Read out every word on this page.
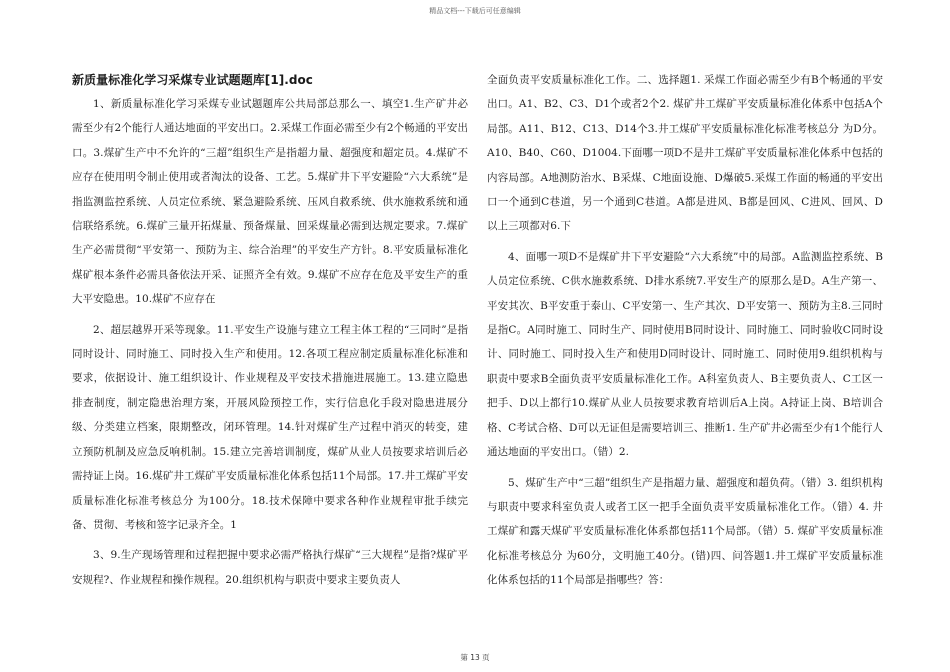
精品文档---下载后可任意编辑
新质量标准化学习采煤专业试题题库[1].doc

1、新质量标准化学习采煤专业试题题库公共局部总那么一、填空1.生产矿井必需至少有2个能行人通达地面的平安出口。2.采煤工作面必需至少有2个畅通的平安出口。3.煤矿生产中不允许的“三超”组织生产是指超力量、超强度和超定员。4.煤矿不应存在使用明令制止使用或者淘汰的设备、工艺。5.煤矿井下平安避险“六大系统”是指监测监控系统、人员定位系统、紧急避险系统、压风自救系统、供水施救系统和通信联络系统。6.煤矿三量开拓煤量、预备煤量、回采煤量必需到达规定要求。7.煤矿生产必需贯彻“平安第一、预防为主、综合治理”的平安生产方针。8.平安质量标准化煤矿根本条件必需具备依法开采、证照齐全有效。9.煤矿不应存在危及平安生产的重大平安隐患。10.煤矿不应存在

2、超层越界开采等现象。11.平安生产设施与建立工程主体工程的“三同时”是指同时设计、同时施工、同时投入生产和使用。12.各项工程应制定质量标准化标准和要求，依据设计、施工组织设计、作业规程及平安技术措施进展施工。13.建立隐患排查制度，制定隐患治理方案，开展风险预控工作，实行信息化手段对隐患进展分级、分类建立档案，限期整改，闭环管理。14.针对煤矿生产过程中消灭的转变，建立预防机制及应急反响机制。15.建立完善培训制度，煤矿从业人员按要求培训后必需持证上岗。16.煤矿井工煤矿平安质量标准化体系包括11个局部。17.井工煤矿平安质量标准化标准考核总分 为100分。18.技术保障中要求各种作业规程审批手续完备、贯彻、考核和签字记录齐全。1

3、9.生产现场管理和过程把握中要求必需严格执行煤矿“三大规程”是指?煤矿平安规程?、作业规程和操作规程。20.组织机构与职责中要求主要负责人

全面负责平安质量标准化工作。二、选择题1. 采煤工作面必需至少有B个畅通的平安出口。A1、B2、C3、D1个或者2个2. 煤矿井工煤矿平安质量标准化体系中包括A个局部。A11、B12、C13、D14个3.井工煤矿平安质量标准化标准考核总分 为D分。A10、B40、C60、D1004.下面哪一项D不是井工煤矿平安质量标准化体系中包括的内容局部。A地测防治水、B采煤、C地面设施、D爆破5.采煤工作面的畅通的平安出口一个通到C巷道，另一个通到C巷道。A都是进风、B都是回风、C进风、回风、D以上三项都对6.下

4、面哪一项D不是煤矿井下平安避险“六大系统”中的局部。A监测监控系统、B人员定位系统、C供水施救系统、D排水系统7.平安生产的原那么是D。A生产第一、平安其次、B平安重于泰山、C平安第一、生产其次、D平安第一、预防为主8.三同时是指C。A同时施工、同时生产、同时使用B同时设计、同时施工、同时验收C同时设计、同时施工、同时投入生产和使用D同时设计、同时施工、同时使用9.组织机构与职责中要求B全面负责平安质量标准化工作。A科室负责人、B主要负责人、C工区一把手、D以上都行10.煤矿从业人员按要求教育培训后A上岗。A持证上岗、B培训合格、C考试合格、D可以无证但是需要培训三、推断1. 生产矿井必需至少有1个能行人通达地面的平安出口。（错）2.

5、煤矿生产中“三超”组织生产是指超力量、超强度和超负荷。（错）3. 组织机构与职责中要求科室负责人或者工区一把手全面负责平安质量标准化工作。（错）4. 井工煤矿和露天煤矿平安质量标准化体系都包括11个局部。（错）5. 煤矿平安质量标准化标准考核总分 为60分，文明施工40分。(错)四、问答题1.井工煤矿平安质量标准化体系包括的11个局部是指哪些？答：

第 13 页
